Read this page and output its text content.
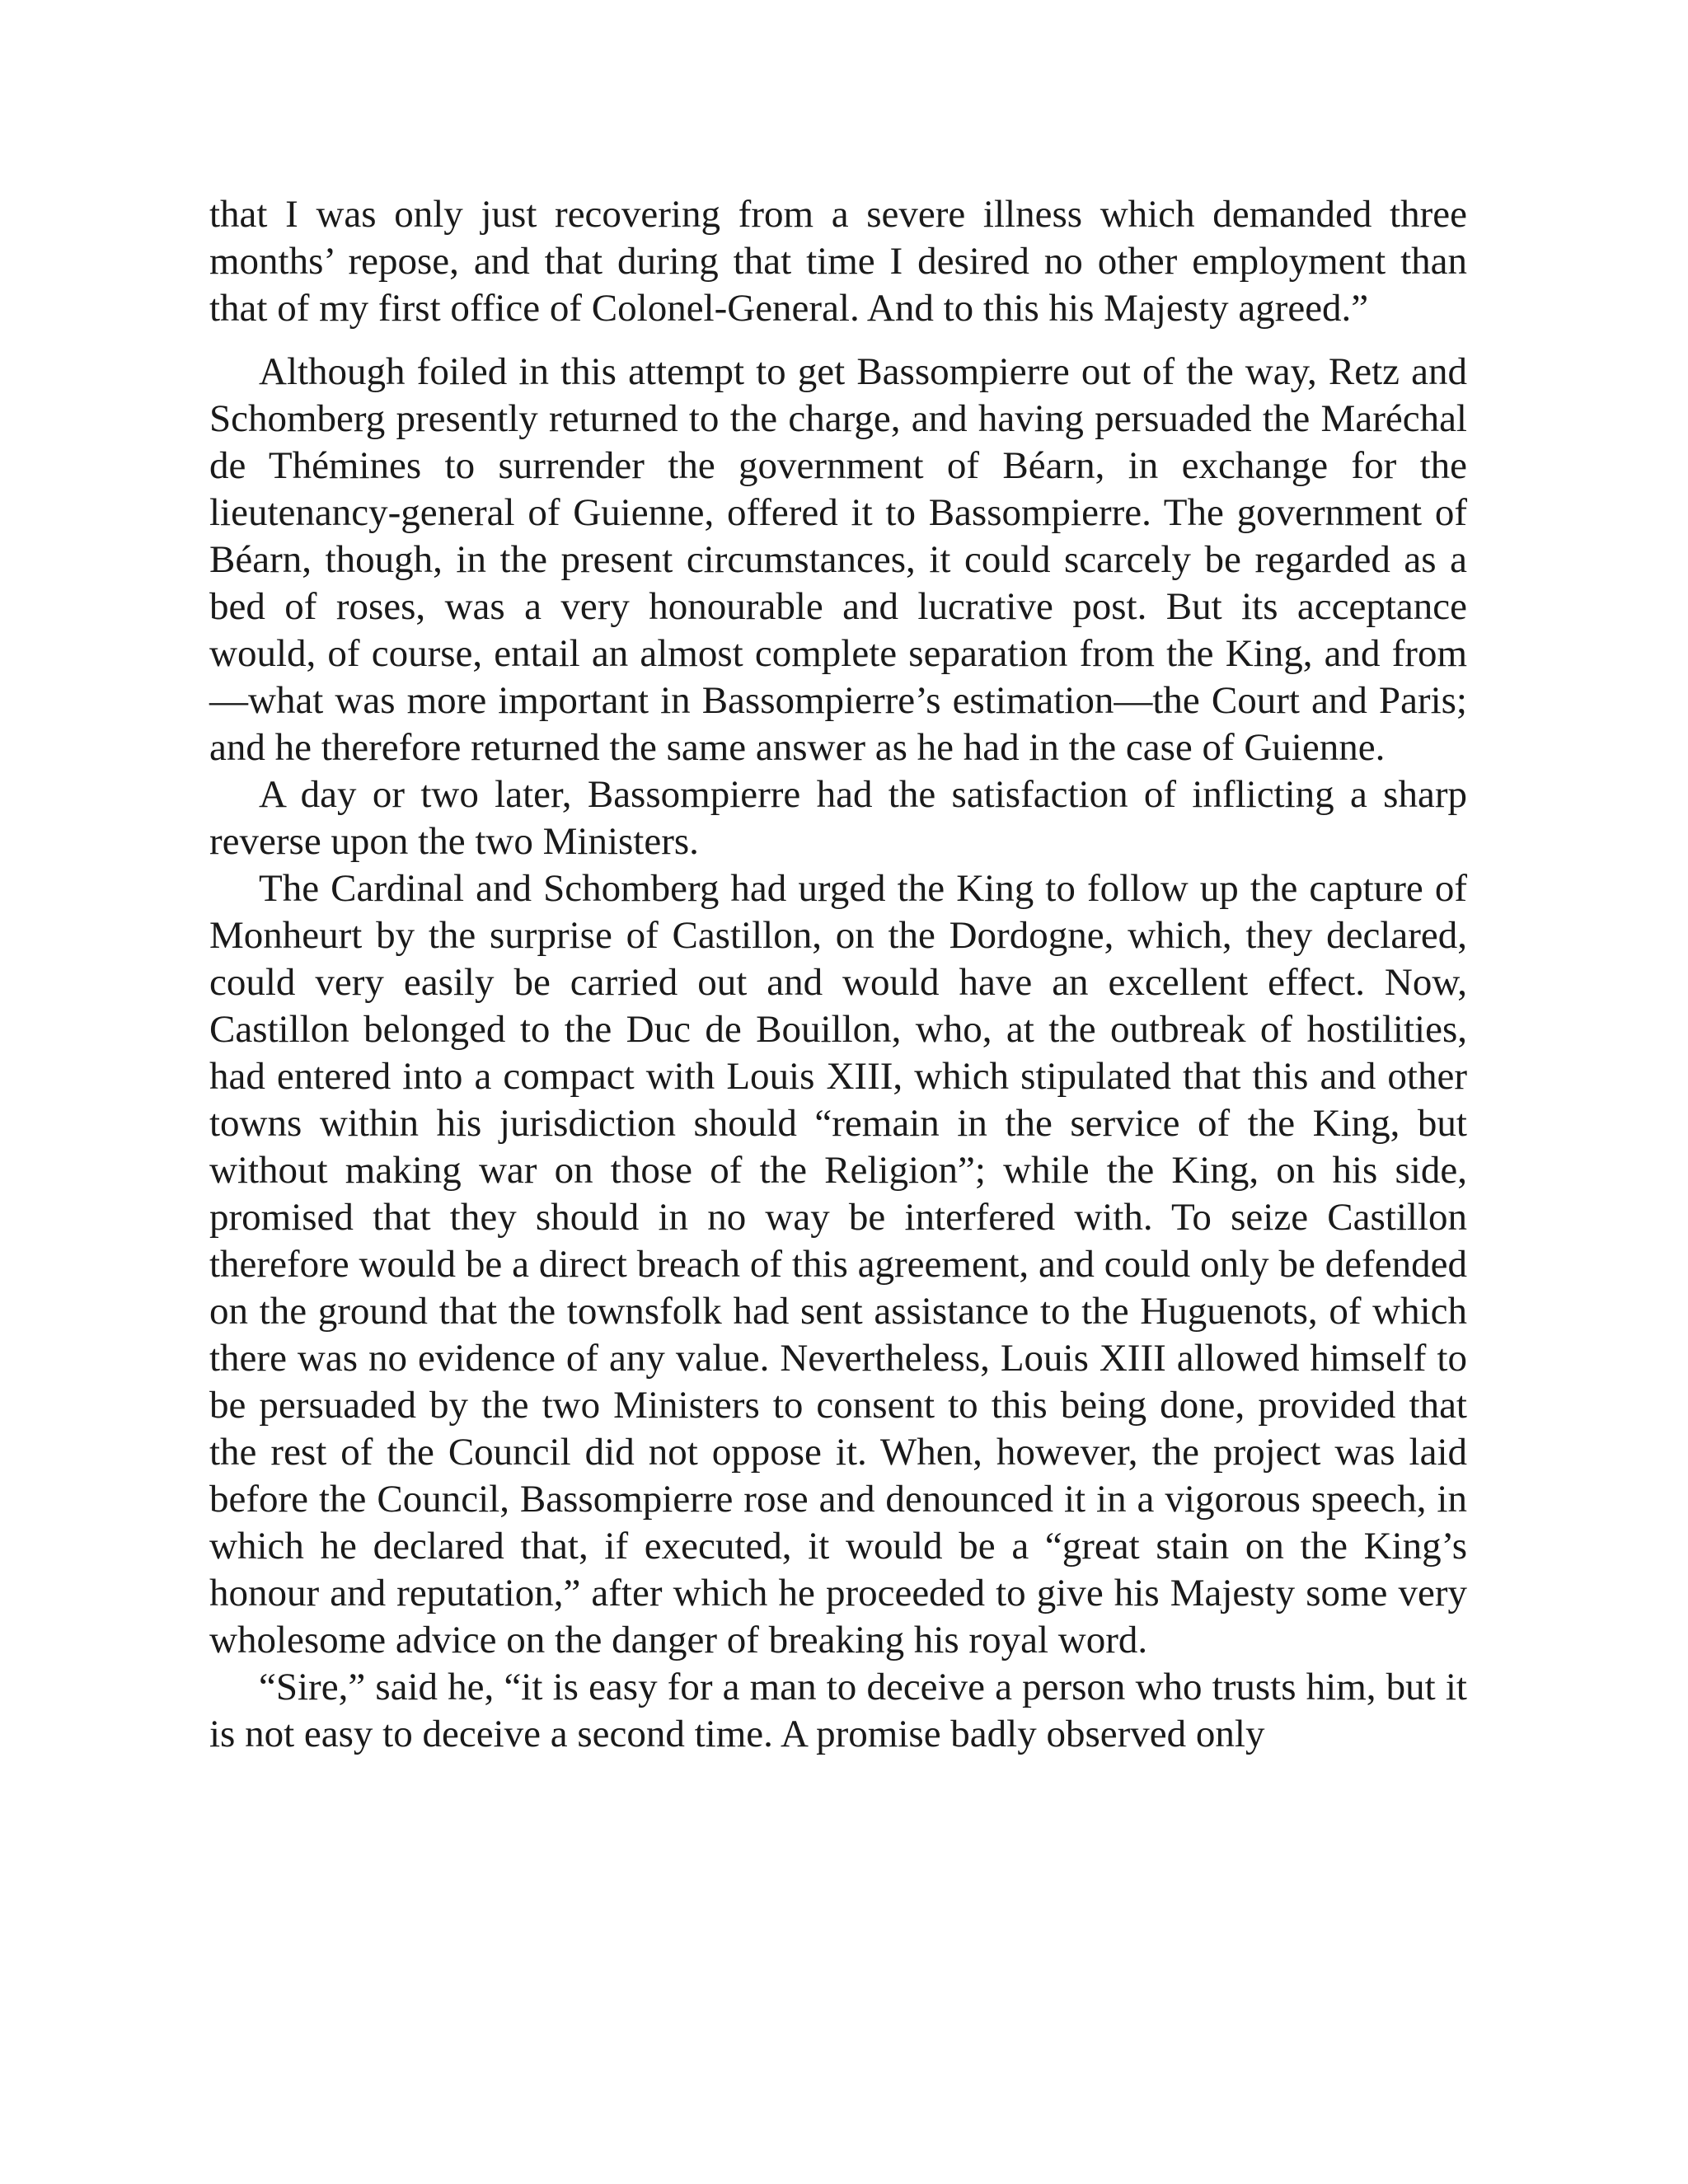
that I was only just recovering from a severe illness which demanded three months’ repose, and that during that time I desired no other employment than that of my first office of Colonel-General. And to this his Majesty agreed.”

Although foiled in this attempt to get Bassompierre out of the way, Retz and Schomberg presently returned to the charge, and having persuaded the Maréchal de Thémines to surrender the government of Béarn, in exchange for the lieutenancy-general of Guienne, offered it to Bassompierre. The government of Béarn, though, in the present circumstances, it could scarcely be regarded as a bed of roses, was a very honourable and lucrative post. But its acceptance would, of course, entail an almost complete separation from the King, and from—what was more important in Bassompierre’s estimation—the Court and Paris; and he therefore returned the same answer as he had in the case of Guienne.

A day or two later, Bassompierre had the satisfaction of inflicting a sharp reverse upon the two Ministers.

The Cardinal and Schomberg had urged the King to follow up the capture of Monheurt by the surprise of Castillon, on the Dordogne, which, they declared, could very easily be carried out and would have an excellent effect. Now, Castillon belonged to the Duc de Bouillon, who, at the outbreak of hostilities, had entered into a compact with Louis XIII, which stipulated that this and other towns within his jurisdiction should “remain in the service of the King, but without making war on those of the Religion”; while the King, on his side, promised that they should in no way be interfered with. To seize Castillon therefore would be a direct breach of this agreement, and could only be defended on the ground that the townsfolk had sent assistance to the Huguenots, of which there was no evidence of any value. Nevertheless, Louis XIII allowed himself to be persuaded by the two Ministers to consent to this being done, provided that the rest of the Council did not oppose it. When, however, the project was laid before the Council, Bassompierre rose and denounced it in a vigorous speech, in which he declared that, if executed, it would be a “great stain on the King’s honour and reputation,” after which he proceeded to give his Majesty some very wholesome advice on the danger of breaking his royal word.

“Sire,” said he, “it is easy for a man to deceive a person who trusts him, but it is not easy to deceive a second time. A promise badly observed only
